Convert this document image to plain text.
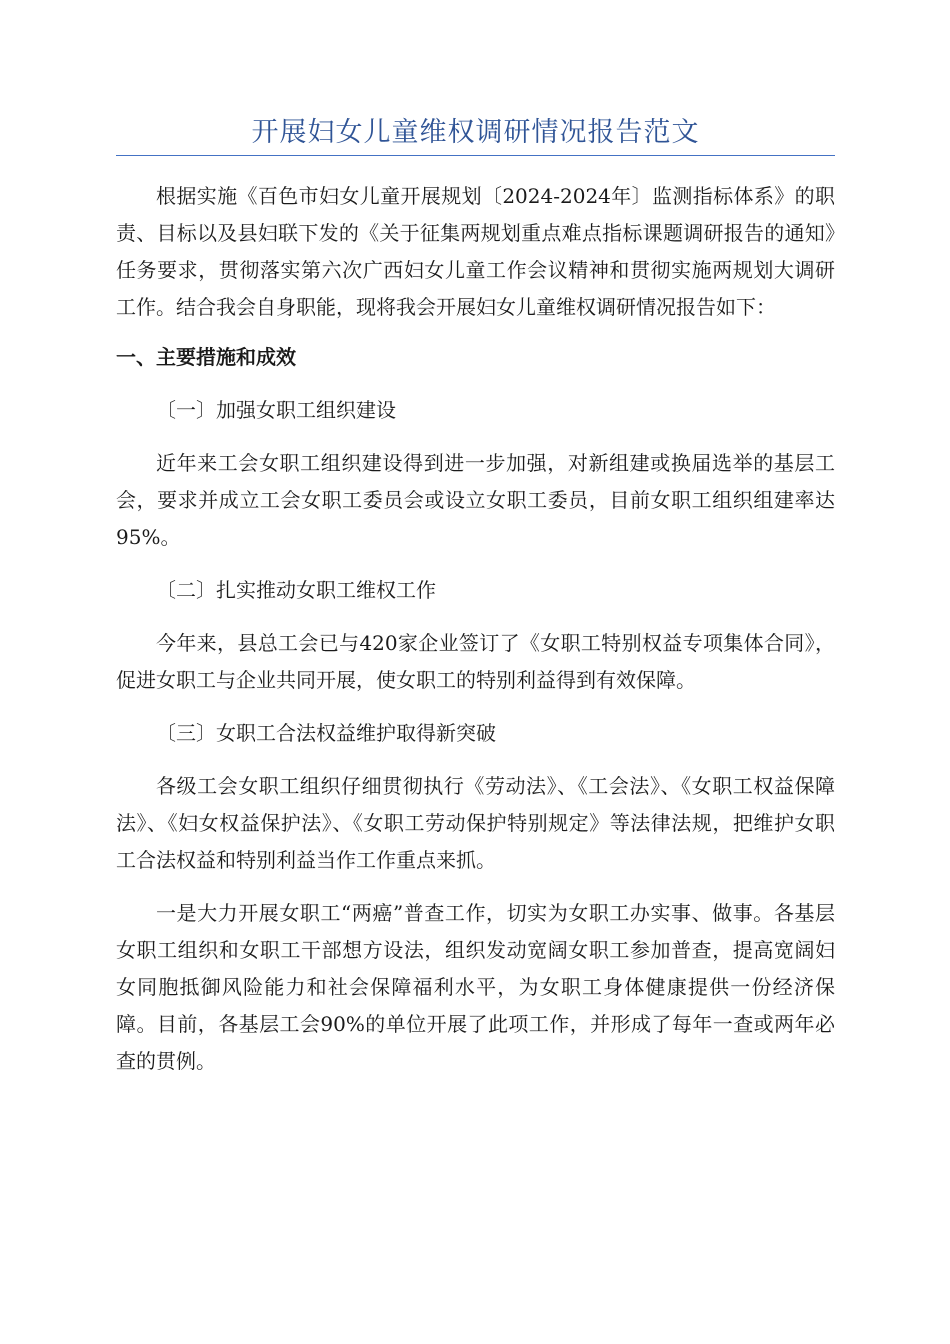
开展妇女儿童维权调研情况报告范文

根据实施《百色市妇女儿童开展规划〔2024-2024年〕监测指标体系》的职责、目标以及县妇联下发的《关于征集两规划重点难点指标课题调研报告的通知》任务要求，贯彻落实第六次广西妇女儿童工作会议精神和贯彻实施两规划大调研工作。结合我会自身职能，现将我会开展妇女儿童维权调研情况报告如下：

一、主要措施和成效

〔一〕加强女职工组织建设

近年来工会女职工组织建设得到进一步加强，对新组建或换届选举的基层工会，要求并成立工会女职工委员会或设立女职工委员，目前女职工组织组建率达95%。

〔二〕扎实推动女职工维权工作

今年来，县总工会已与420家企业签订了《女职工特别权益专项集体合同》，促进女职工与企业共同开展，使女职工的特别利益得到有效保障。

〔三〕女职工合法权益维护取得新突破

各级工会女职工组织仔细贯彻执行《劳动法》、《工会法》、《女职工权益保障法》、《妇女权益保护法》、《女职工劳动保护特别规定》等法律法规，把维护女职工合法权益和特别利益当作工作重点来抓。

一是大力开展女职工“两癌”普查工作，切实为女职工办实事、做事。各基层女职工组织和女职工干部想方设法，组织发动宽阔女职工参加普查，提高宽阔妇女同胞抵御风险能力和社会保障福利水平，为女职工身体健康提供一份经济保障。目前，各基层工会90%的单位开展了此项工作，并形成了每年一查或两年必查的贯例。
